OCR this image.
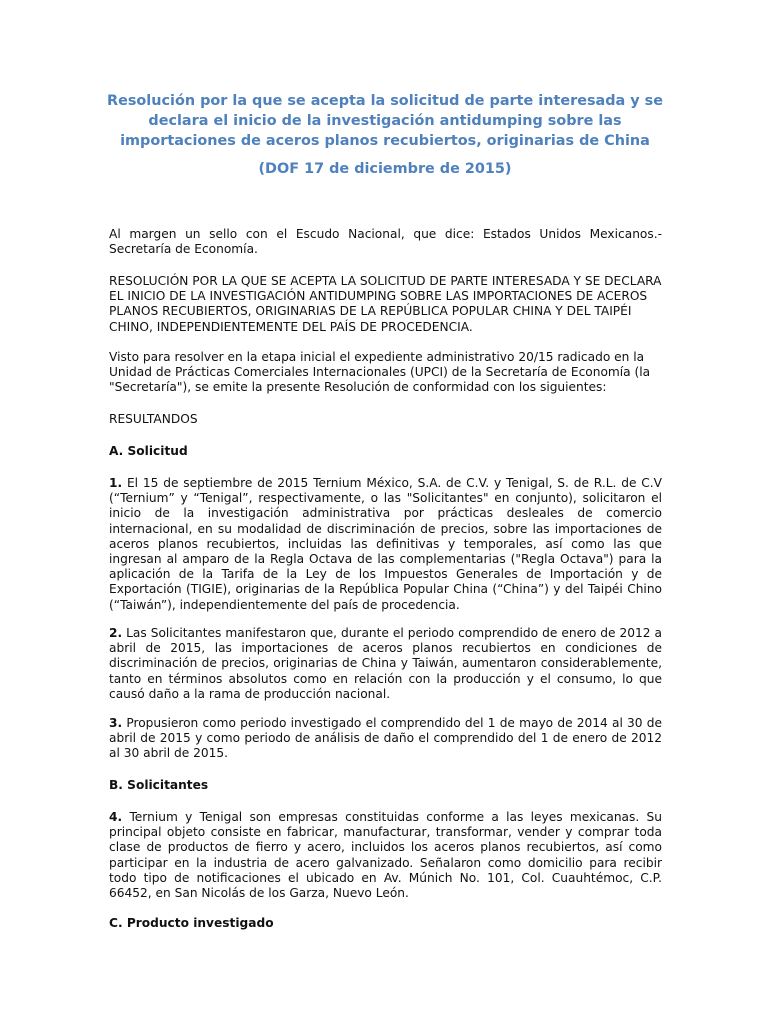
Resolución por la que se acepta la solicitud de parte interesada y se declara el inicio de la investigación antidumping sobre las importaciones de aceros planos recubiertos, originarias de China
(DOF 17 de diciembre de 2015)

Al margen un sello con el Escudo Nacional, que dice: Estados Unidos Mexicanos.- Secretaría de Economía.

RESOLUCIÓN POR LA QUE SE ACEPTA LA SOLICITUD DE PARTE INTERESADA Y SE DECLARA EL INICIO DE LA INVESTIGACIÓN ANTIDUMPING SOBRE LAS IMPORTACIONES DE ACEROS PLANOS RECUBIERTOS, ORIGINARIAS DE LA REPÚBLICA POPULAR CHINA Y DEL TAIPÉI CHINO, INDEPENDIENTEMENTE DEL PAÍS DE PROCEDENCIA.

Visto para resolver en la etapa inicial el expediente administrativo 20/15 radicado en la Unidad de Prácticas Comerciales Internacionales (UPCI) de la Secretaría de Economía (la "Secretaría"), se emite la presente Resolución de conformidad con los siguientes:

RESULTANDOS

A. Solicitud

1. El 15 de septiembre de 2015 Ternium México, S.A. de C.V. y Tenigal, S. de R.L. de C.V (“Ternium” y “Tenigal”, respectivamente, o las "Solicitantes" en conjunto), solicitaron el inicio de la investigación administrativa por prácticas desleales de comercio internacional, en su modalidad de discriminación de precios, sobre las importaciones de aceros planos recubiertos, incluidas las definitivas y temporales, así como las que ingresan al amparo de la Regla Octava de las complementarias ("Regla Octava") para la aplicación de la Tarifa de la Ley de los Impuestos Generales de Importación y de Exportación (TIGIE), originarias de la República Popular China (“China”) y del Taipéi Chino (“Taiwán”), independientemente del país de procedencia.

2. Las Solicitantes manifestaron que, durante el periodo comprendido de enero de 2012 a abril de 2015, las importaciones de aceros planos recubiertos en condiciones de discriminación de precios, originarias de China y Taiwán, aumentaron considerablemente, tanto en términos absolutos como en relación con la producción y el consumo, lo que causó daño a la rama de producción nacional.

3. Propusieron como periodo investigado el comprendido del 1 de mayo de 2014 al 30 de abril de 2015 y como periodo de análisis de daño el comprendido del 1 de enero de 2012 al 30 abril de 2015.

B. Solicitantes

4. Ternium y Tenigal son empresas constituidas conforme a las leyes mexicanas. Su principal objeto consiste en fabricar, manufacturar, transformar, vender y comprar toda clase de productos de fierro y acero, incluidos los aceros planos recubiertos, así como participar en la industria de acero galvanizado. Señalaron como domicilio para recibir todo tipo de notificaciones el ubicado en Av. Múnich No. 101, Col. Cuauhtémoc, C.P. 66452, en San Nicolás de los Garza, Nuevo León.

C. Producto investigado
